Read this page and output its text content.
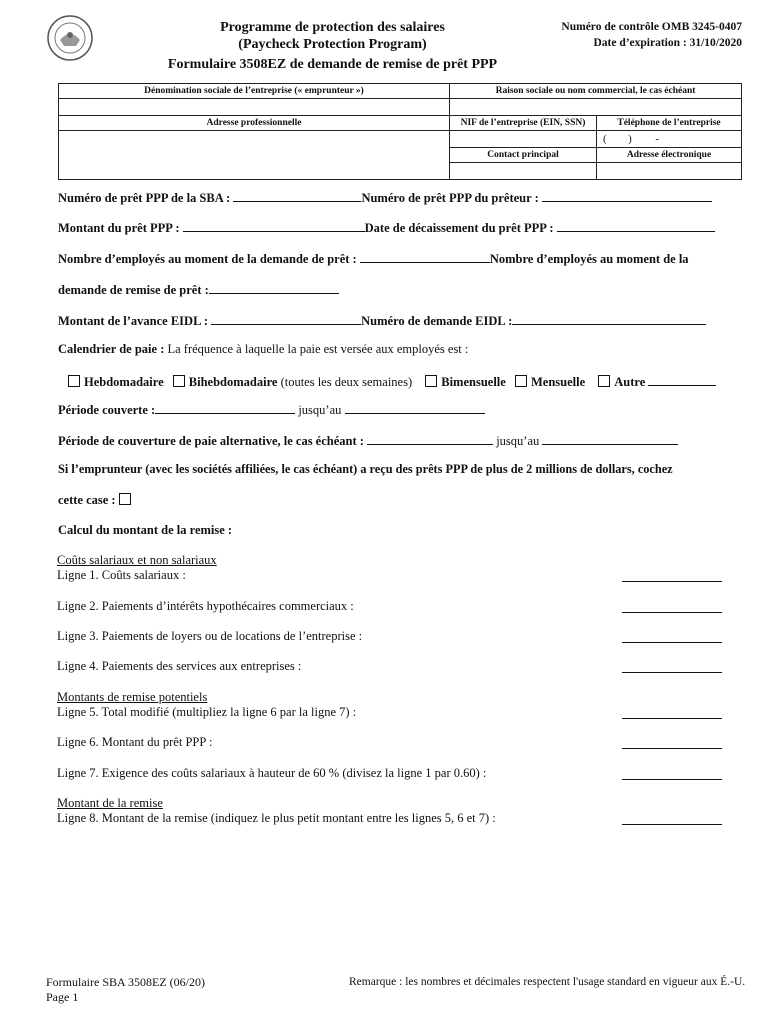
Programme de protection des salaires
(Paycheck Protection Program)
Formulaire 3508EZ de demande de remise de prêt PPP
Numéro de contrôle OMB 3245-0407
Date d’expiration : 31/10/2020
Dénomination sociale de l’entreprise (« emprunteur »)	Raison sociale ou nom commercial, le cas échéant	

Adresse professionnelle	NIF de l’entreprise (EIN, SSN)	Téléphone de l’entreprise
		( ) -
	Contact principal	Adresse électronique

Numéro de prêt PPP de la SBA :	Numéro de prêt PPP du prêteur :
Montant du prêt PPP :	Date de décaissement du prêt PPP :
Nombre d’employés au moment de la demande de prêt :	Nombre d’employés au moment de la
demande de remise de prêt :
Montant de l’avance EIDL :	Numéro de demande EIDL :
Calendrier de paie : La fréquence à laquelle la paie est versée aux employés est :
Hebdomadaire Bihebdomadaire (toutes les deux semaines) Bimensuelle Mensuelle Autre
Période couverte :	jusqu’au
Période de couverture de paie alternative, le cas échéant :	jusqu’au
Si l’emprunteur (avec les sociétés affiliées, le cas échéant) a reçu des prêts PPP de plus de 2 millions de dollars, cochez
cette case :
Calcul du montant de la remise :
Coûts salariaux et non salariaux
Ligne 1. Coûts salariaux :
Ligne 2. Paiements d’intérêts hypothécaires commerciaux :
Ligne 3. Paiements de loyers ou de locations de l’entreprise :
Ligne 4. Paiements des services aux entreprises :
Montants de remise potentiels
Ligne 5. Total modifié (multipliez la ligne 6 par la ligne 7) :
Ligne 6. Montant du prêt PPP :
Ligne 7. Exigence des coûts salariaux à hauteur de 60 % (divisez la ligne 1 par 0.60) :
Montant de la remise
Ligne 8. Montant de la remise (indiquez le plus petit montant entre les lignes 5, 6 et 7) :
Formulaire SBA 3508EZ (06/20)
Page 1
Remarque : les nombres et décimales respectent l'usage standard en vigueur aux É.-U.
